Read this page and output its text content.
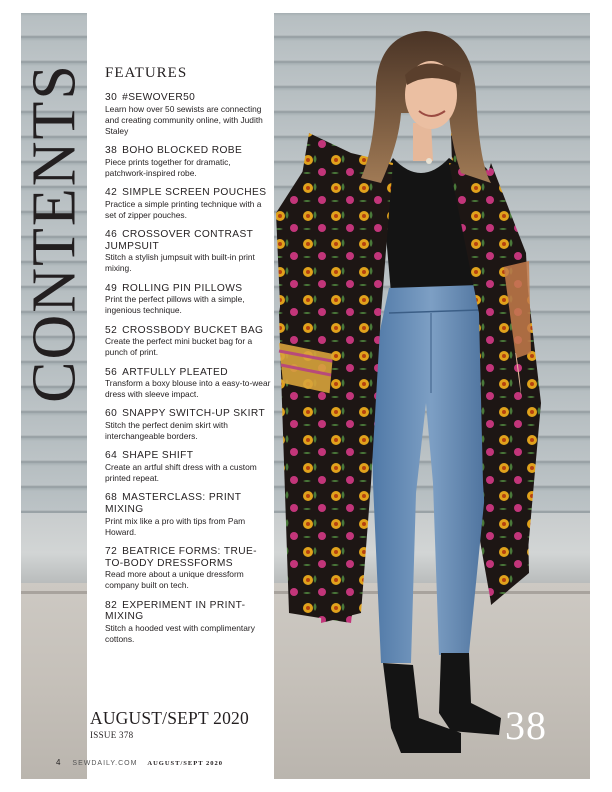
CONTENTS FEATURES
30 #SEWOVER50
Learn how over 50 sewists are connecting and creating community online, with Judith Staley
38 BOHO BLOCKED ROBE
Piece prints together for dramatic, patchwork-inspired robe.
42 SIMPLE SCREEN POUCHES
Practice a simple printing technique with a set of zipper pouches.
46 CROSSOVER CONTRAST JUMPSUIT
Stitch a stylish jumpsuit with built-in print mixing.
49 ROLLING PIN PILLOWS
Print the perfect pillows with a simple, ingenious technique.
52 CROSSBODY BUCKET BAG
Create the perfect mini bucket bag for a punch of print.
56 ARTFULLY PLEATED
Transform a boxy blouse into a easy-to-wear dress with sleeve impact.
60 SNAPPY SWITCH-UP SKIRT
Stitch the perfect denim skirt with interchangeable borders.
64 SHAPE SHIFT
Create an artful shift dress with a custom printed repeat.
68 MASTERCLASS: PRINT MIXING
Print mix like a pro with tips from Pam Howard.
72 BEATRICE FORMS: TRUE-TO-BODY DRESSFORMS
Read more about a unique dressform company built on tech.
82 EXPERIMENT IN PRINT-MIXING
Stitch a hooded vest with complimentary cottons.
AUGUST/SEPT 2020
ISSUE 378	38
4 SEWDAILY.COM AUGUST/SEPT 2020
